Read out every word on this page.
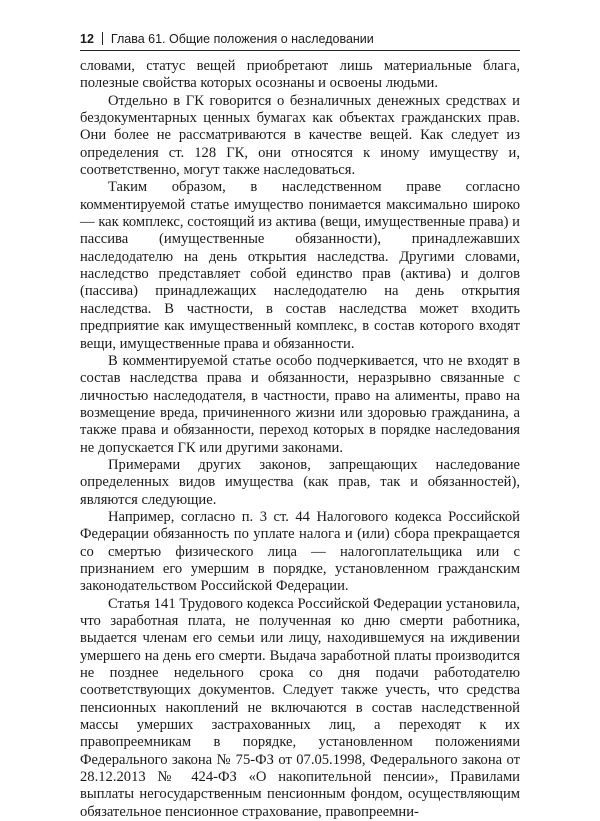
12 Глава 61. Общие положения о наследовании

словами, статус вещей приобретают лишь материальные блага, полезные свойства которых осознаны и освоены людьми.

Отдельно в ГК говорится о безналичных денежных средствах и бездокументарных ценных бумагах как объектах гражданских прав. Они более не рассматриваются в качестве вещей. Как следует из определения ст. 128 ГК, они относятся к иному имуществу и, соответственно, могут также наследоваться.

Таким образом, в наследственном праве согласно комментируемой статье имущество понимается максимально широко — как комплекс, состоящий из актива (вещи, имущественные права) и пассива (имущественные обязанности), принадлежавших наследодателю на день открытия наследства. Другими словами, наследство представляет собой единство прав (актива) и долгов (пассива) принадлежащих наследодателю на день открытия наследства. В частности, в состав наследства может входить предприятие как имущественный комплекс, в состав которого входят вещи, имущественные права и обязанности.

В комментируемой статье особо подчеркивается, что не входят в состав наследства права и обязанности, неразрывно связанные с личностью наследодателя, в частности, право на алименты, право на возмещение вреда, причиненного жизни или здоровью гражданина, а также права и обязанности, переход которых в порядке наследования не допускается ГК или другими законами.

Примерами других законов, запрещающих наследование определенных видов имущества (как прав, так и обязанностей), являются следующие.

Например, согласно п. 3 ст. 44 Налогового кодекса Российской Федерации обязанность по уплате налога и (или) сбора прекращается со смертью физического лица — налогоплательщика или с признанием его умершим в порядке, установленном гражданским законодательством Российской Федерации.

Статья 141 Трудового кодекса Российской Федерации установила, что заработная плата, не полученная ко дню смерти работника, выдается членам его семьи или лицу, находившемуся на иждивении умершего на день его смерти. Выдача заработной платы производится не позднее недельного срока со дня подачи работодателю соответствующих документов. Следует также учесть, что средства пенсионных накоплений не включаются в состав наследственной массы умерших застрахованных лиц, а переходят к их правопреемникам в порядке, установленном положениями Федерального закона № 75-ФЗ от 07.05.1998, Федерального закона от 28.12.2013 № 424-ФЗ «О накопительной пенсии», Правилами выплаты негосударственным пенсионным фондом, осуществляющим обязательное пенсионное страхование, правопреемни-
